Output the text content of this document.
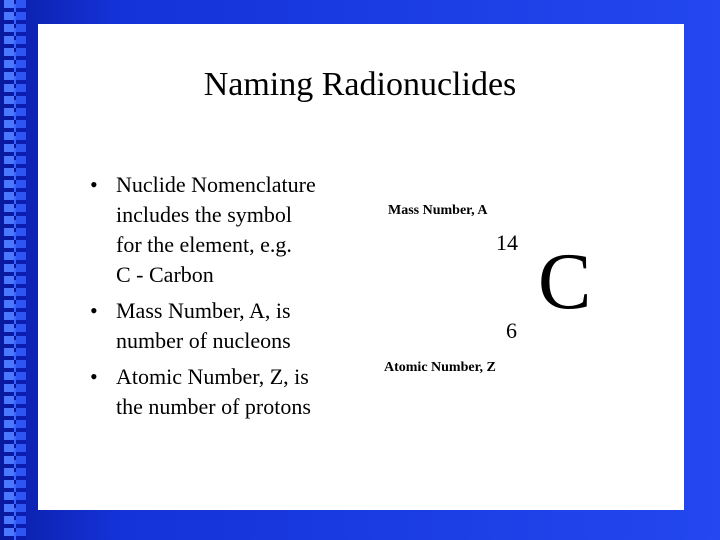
Naming Radionuclides
• Nuclide Nomenclature
includes the symbol
for the element, e.g.
C - Carbon
• Mass Number, A, is
number of nucleons
• Atomic Number, Z, is
the number of protons
Mass Number, A
14
6
C
Atomic Number, Z
